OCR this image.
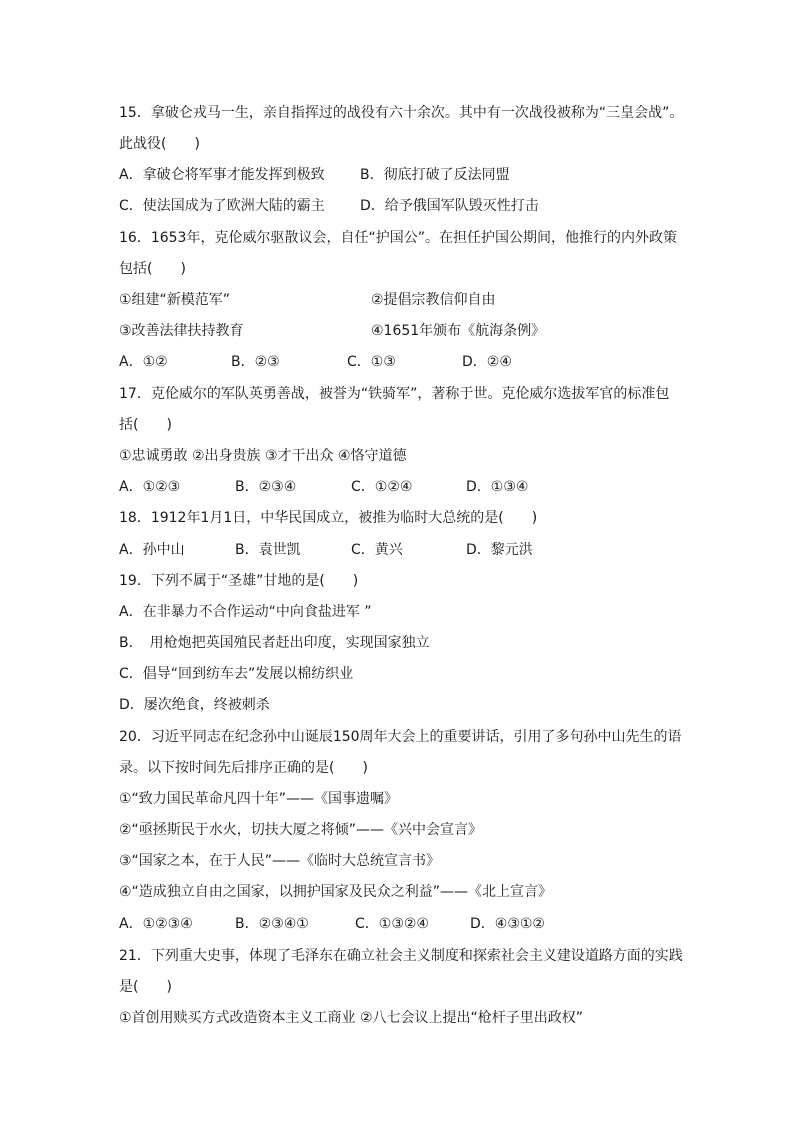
15．拿破仑戎马一生，亲自指挥过的战役有六十余次。其中有一次战役被称为“三皇会战”。
此战役(　　)
A．拿破仑将军事才能发挥到极致	B．彻底打破了反法同盟
C．使法国成为了欧洲大陆的霸主	D．给予俄国军队毁灭性打击
16．1653年，克伦威尔驱散议会，自任“护国公”。在担任护国公期间，他推行的内外政策
包括(　　)
①组建“新模范军”	②提倡宗教信仰自由
③改善法律扶持教育	④1651年颁布《航海条例》
A．①②	B．②③	C．①③	D．②④
17．克伦威尔的军队英勇善战，被誉为“铁骑军”，著称于世。克伦威尔选拔军官的标准包
括(　　)
①忠诚勇敢 ②出身贵族 ③才干出众 ④恪守道德
A．①②③	B．②③④	C．①②④	D．①③④
18．1912年1月1日，中华民国成立，被推为临时大总统的是(　　)
A．孙中山	B．袁世凯	C．黄兴	D．黎元洪
19．下列不属于“圣雄”甘地的是(　　)
A．在非暴力不合作运动“中向食盐进军 ”
B．　用枪炮把英国殖民者赶出印度，实现国家独立
C．倡导“回到纺车去”发展以棉纺织业
D．屡次绝食，终被刺杀
20．习近平同志在纪念孙中山诞辰150周年大会上的重要讲话，引用了多句孙中山先生的语
录。以下按时间先后排序正确的是(　　)
①“致力国民革命凡四十年”——《国事遗嘱》
②“亟拯斯民于水火，切扶大厦之将倾”——《兴中会宣言》
③“国家之本，在于人民”——《临时大总统宣言书》
④“造成独立自由之国家，以拥护国家及民众之利益”——《北上宣言》
A．①②③④	B．②③④①	C．①③②④	D．④③①②
21．下列重大史事，体现了毛泽东在确立社会主义制度和探索社会主义建设道路方面的实践
是(　　)
①首创用赎买方式改造资本主义工商业 ②八七会议上提出“枪杆子里出政权”
